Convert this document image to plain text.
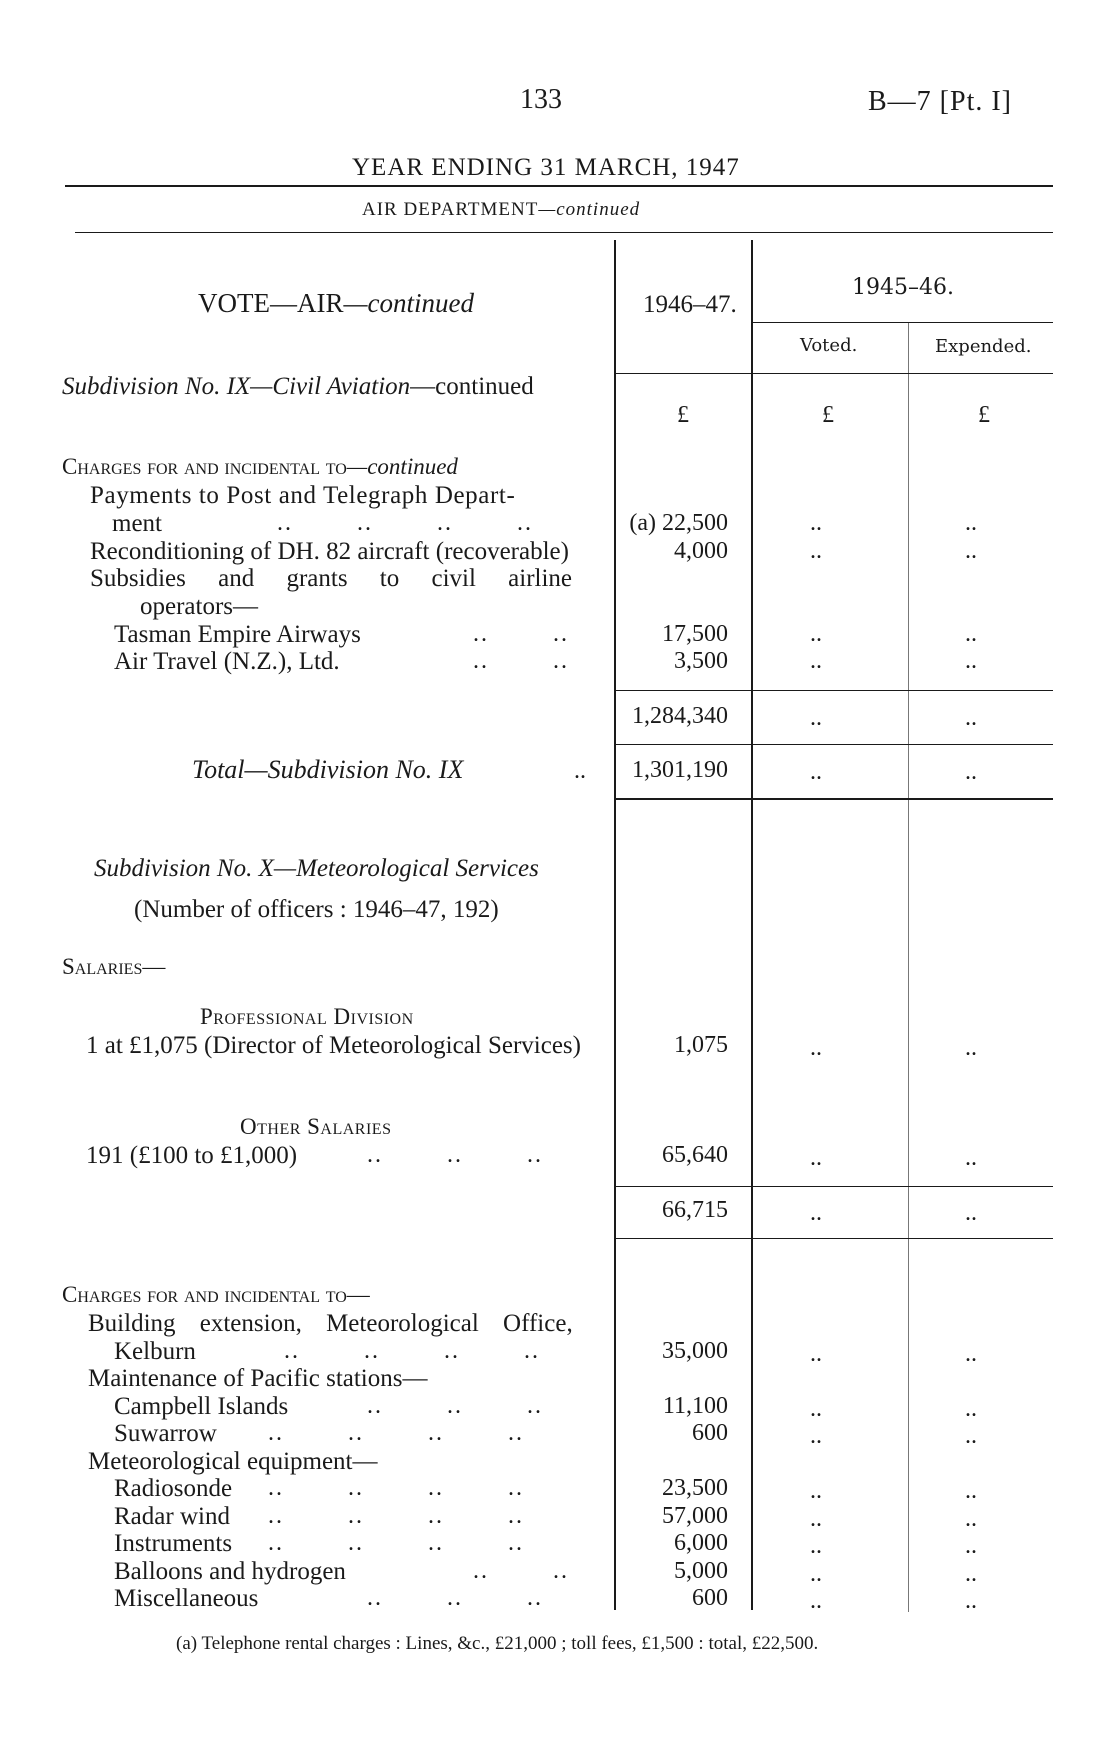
133	B—7 [Pt. I]
YEAR ENDING 31 MARCH, 1947
AIR DEPARTMENT—continued
VOTE—AIR—continued	1946–47.
1945–46.
Voted.	Expended.
Subdivision No. IX—Civil Aviation—continued
£	£	£
Charges for and incidental to—continued
Payments to Post and Telegraph Depart-
ment	..        ..        ..        ..	(a) 22,500	..	..
Reconditioning of DH. 82 aircraft (recoverable)	4,000	..	..
Subsidies and grants to civil airline
operators—
Tasman Empire Airways	..        ..	17,500	..	..
Air Travel (N.Z.), Ltd.	..        ..	3,500	..	..
1,284,340	..	..
Total—Subdivision No. IX	..	1,301,190	..	..
Subdivision No. X—Meteorological Services
(Number of officers : 1946–47, 192)
Salaries—
Professional Division
1 at £1,075 (Director of Meteorological Services)	1,075	..	..
Other Salaries
191 (£100 to £1,000)	..        ..        ..	65,640	..	..
66,715	..	..
Charges for and incidental to—
Building extension, Meteorological Office,
Kelburn	..        ..        ..        ..	35,000	..	..
Maintenance of Pacific stations—
Campbell Islands	..        ..        ..	11,100	..	..
Suwarrow ..        ..        ..        ..	600	..	..
Meteorological equipment—
Radiosonde ..        ..        ..        ..	23,500	..	..
Radar wind ..        ..        ..        ..	57,000	..	..
Instruments ..        ..        ..        ..	6,000	..	..
Balloons and hydrogen	..        ..	5,000	..	..
Miscellaneous	..        ..        ..	600	..	..
(a) Telephone rental charges : Lines, &c., £21,000 ; toll fees, £1,500 : total, £22,500.
